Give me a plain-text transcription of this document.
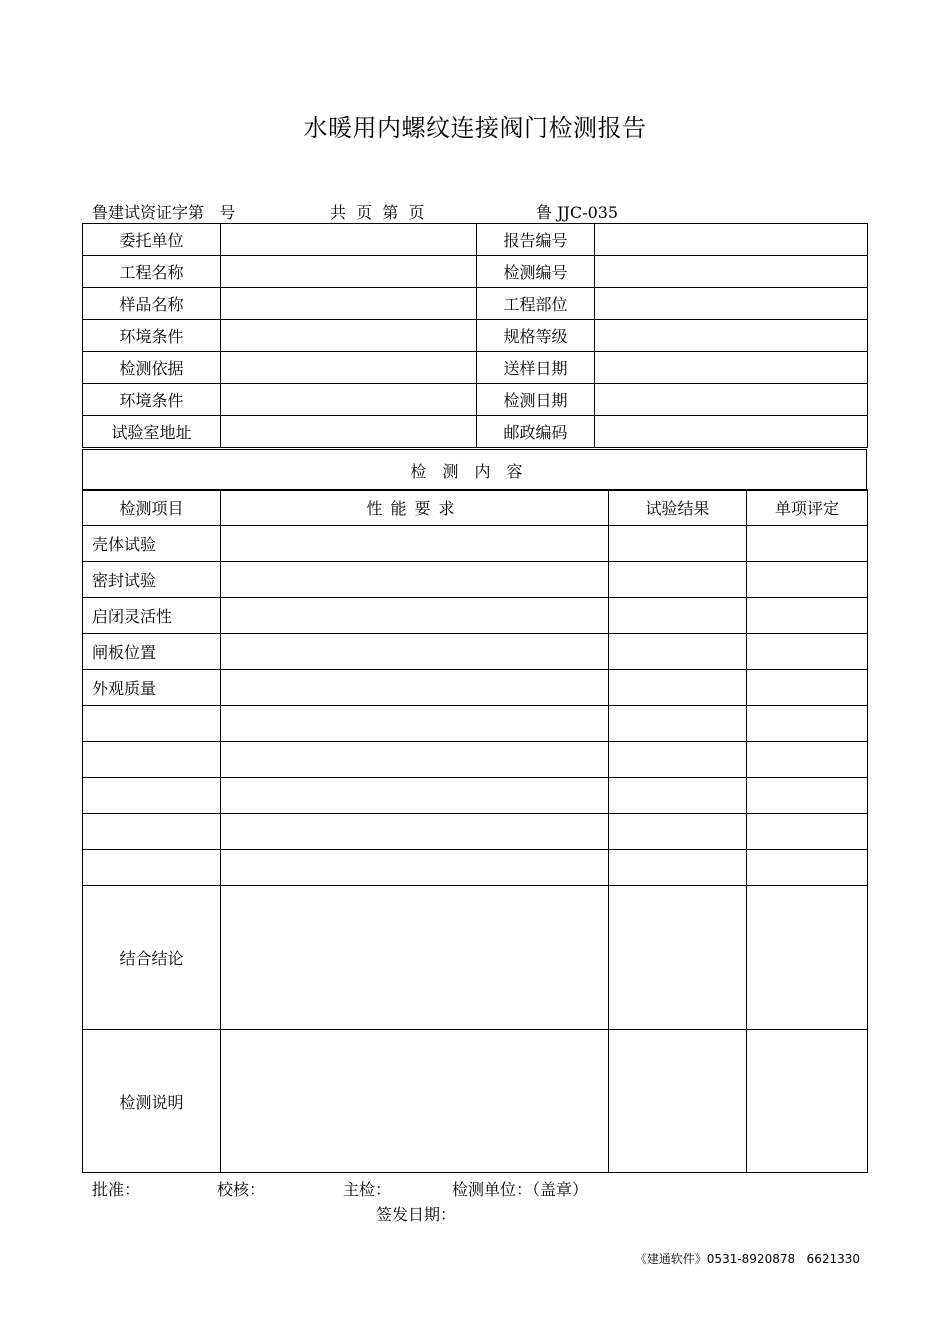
水暖用内螺纹连接阀门检测报告
鲁建试资证字第   号	共  页  第  页	鲁 JJC-035
委托单位		报告编号	
工程名称		检测编号	
样品名称		工程部位	
环境条件		规格等级	
检测依据		送样日期	
环境条件		检测日期	
试验室地址		邮政编码	
检测内容
检测项目	性能要求	试验结果	单项评定
壳体试验			
密封试验			
启闭灵活性			
闸板位置			
外观质量			

结合结论			
检测说明			
批准：	校核：	主检：	检测单位：（盖章）
签发日期：
《建通软件》0531-8920878   6621330
